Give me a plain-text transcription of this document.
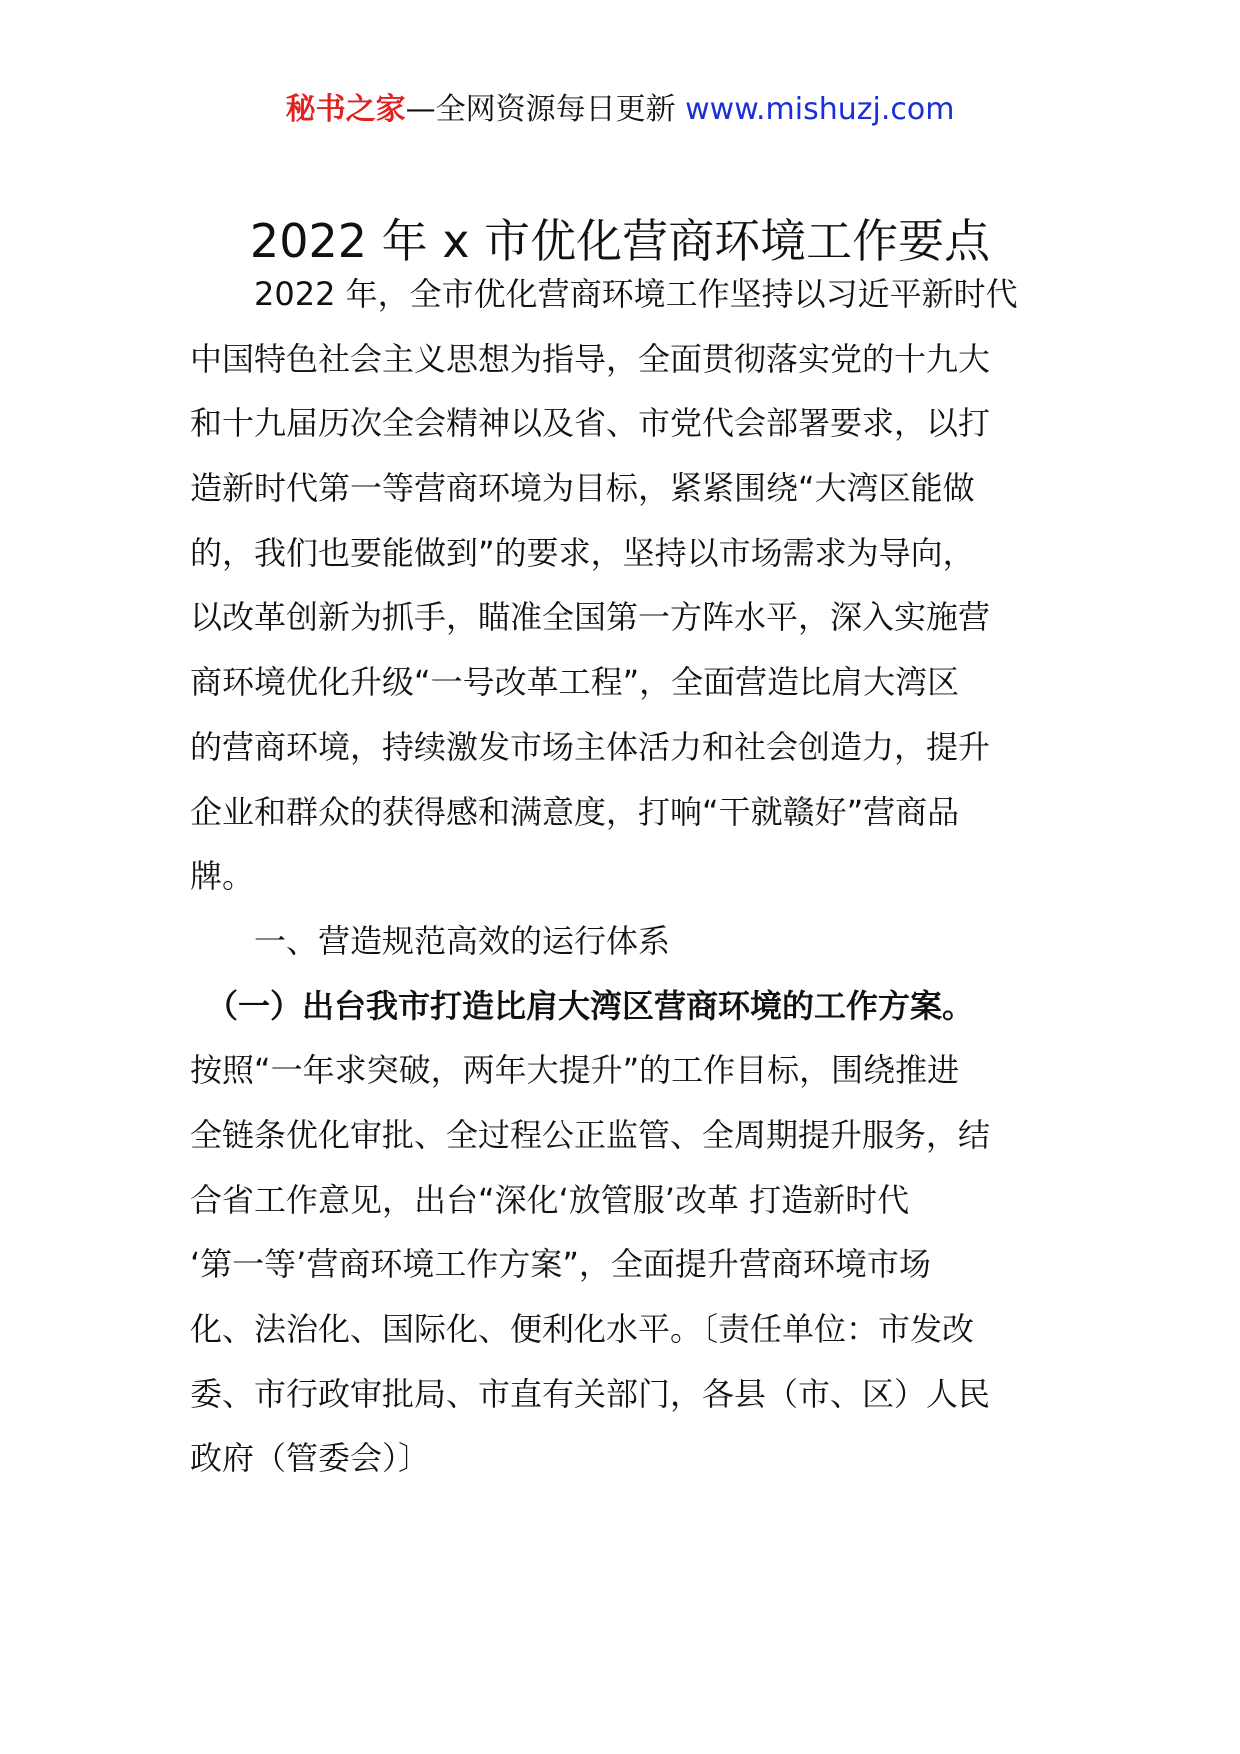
秘书之家—全网资源每日更新 www.mishuzj.com
2022 年 x 市优化营商环境工作要点
　　2022 年，全市优化营商环境工作坚持以习近平新时代
中国特色社会主义思想为指导，全面贯彻落实党的十九大
和十九届历次全会精神以及省、市党代会部署要求，以打
造新时代第一等营商环境为目标，紧紧围绕“大湾区能做
的，我们也要能做到”的要求，坚持以市场需求为导向，
以改革创新为抓手，瞄准全国第一方阵水平，深入实施营
商环境优化升级“一号改革工程”，全面营造比肩大湾区
的营商环境，持续激发市场主体活力和社会创造力，提升
企业和群众的获得感和满意度，打响“干就赣好”营商品
牌。
　　一、营造规范高效的运行体系
　（一）出台我市打造比肩大湾区营商环境的工作方案。
按照“一年求突破，两年大提升”的工作目标，围绕推进
全链条优化审批、全过程公正监管、全周期提升服务，结
合省工作意见，出台“深化‘放管服’改革 打造新时代
‘第一等’营商环境工作方案”，全面提升营商环境市场
化、法治化、国际化、便利化水平。〔责任单位：市发改
委、市行政审批局、市直有关部门，各县（市、区）人民
政府（管委会）〕
